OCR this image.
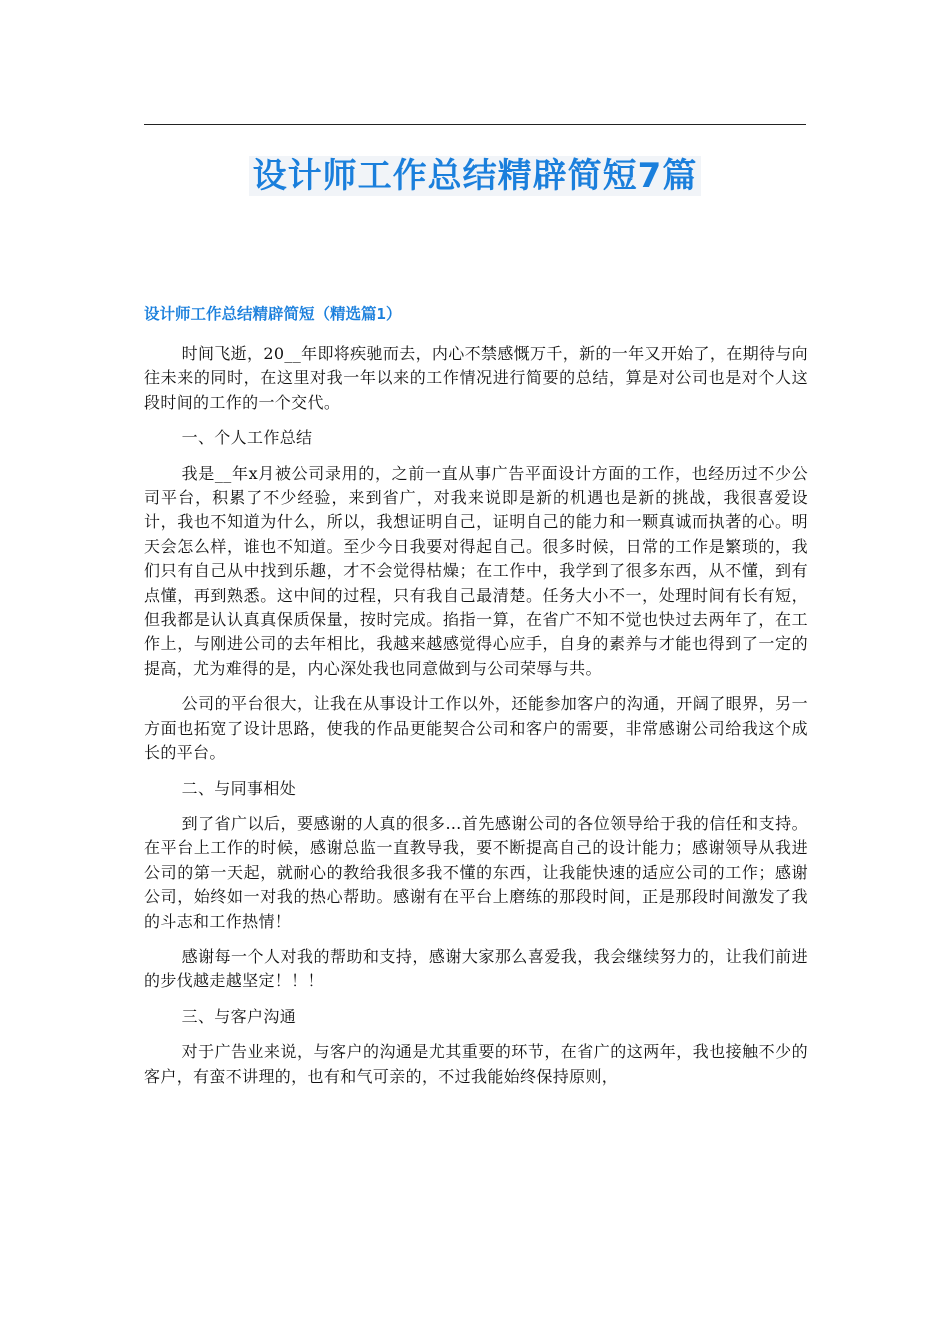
设计师工作总结精辟简短7篇
设计师工作总结精辟简短（精选篇1）

时间飞逝，20__年即将疾驰而去，内心不禁感慨万千，新的一年又开始了，在期待与向往未来的同时，在这里对我一年以来的工作情况进行简要的总结，算是对公司也是对个人这段时间的工作的一个交代。

一、个人工作总结

我是__年x月被公司录用的，之前一直从事广告平面设计方面的工作，也经历过不少公司平台，积累了不少经验，来到省广，对我来说即是新的机遇也是新的挑战，我很喜爱设计，我也不知道为什么，所以，我想证明自己，证明自己的能力和一颗真诚而执著的心。明天会怎么样，谁也不知道。至少今日我要对得起自己。很多时候，日常的工作是繁琐的，我们只有自己从中找到乐趣，才不会觉得枯燥；在工作中，我学到了很多东西，从不懂，到有点懂，再到熟悉。这中间的过程，只有我自己最清楚。任务大小不一，处理时间有长有短，但我都是认认真真保质保量，按时完成。掐指一算，在省广不知不觉也快过去两年了，在工作上，与刚进公司的去年相比，我越来越感觉得心应手，自身的素养与才能也得到了一定的提高，尤为难得的是，内心深处我也同意做到与公司荣辱与共。

公司的平台很大，让我在从事设计工作以外，还能参加客户的沟通，开阔了眼界，另一方面也拓宽了设计思路，使我的作品更能契合公司和客户的需要，非常感谢公司给我这个成长的平台。

二、与同事相处

到了省广以后，要感谢的人真的很多…首先感谢公司的各位领导给于我的信任和支持。在平台上工作的时候，感谢总监一直教导我，要不断提高自己的设计能力；感谢领导从我进公司的第一天起，就耐心的教给我很多我不懂的东西，让我能快速的适应公司的工作；感谢公司，始终如一对我的热心帮助。感谢有在平台上磨练的那段时间，正是那段时间激发了我的斗志和工作热情！

感谢每一个人对我的帮助和支持，感谢大家那么喜爱我，我会继续努力的，让我们前进的步伐越走越坚定！！！

三、与客户沟通

对于广告业来说，与客户的沟通是尤其重要的环节，在省广的这两年，我也接触不少的客户，有蛮不讲理的，也有和气可亲的，不过我能始终保持原则，
